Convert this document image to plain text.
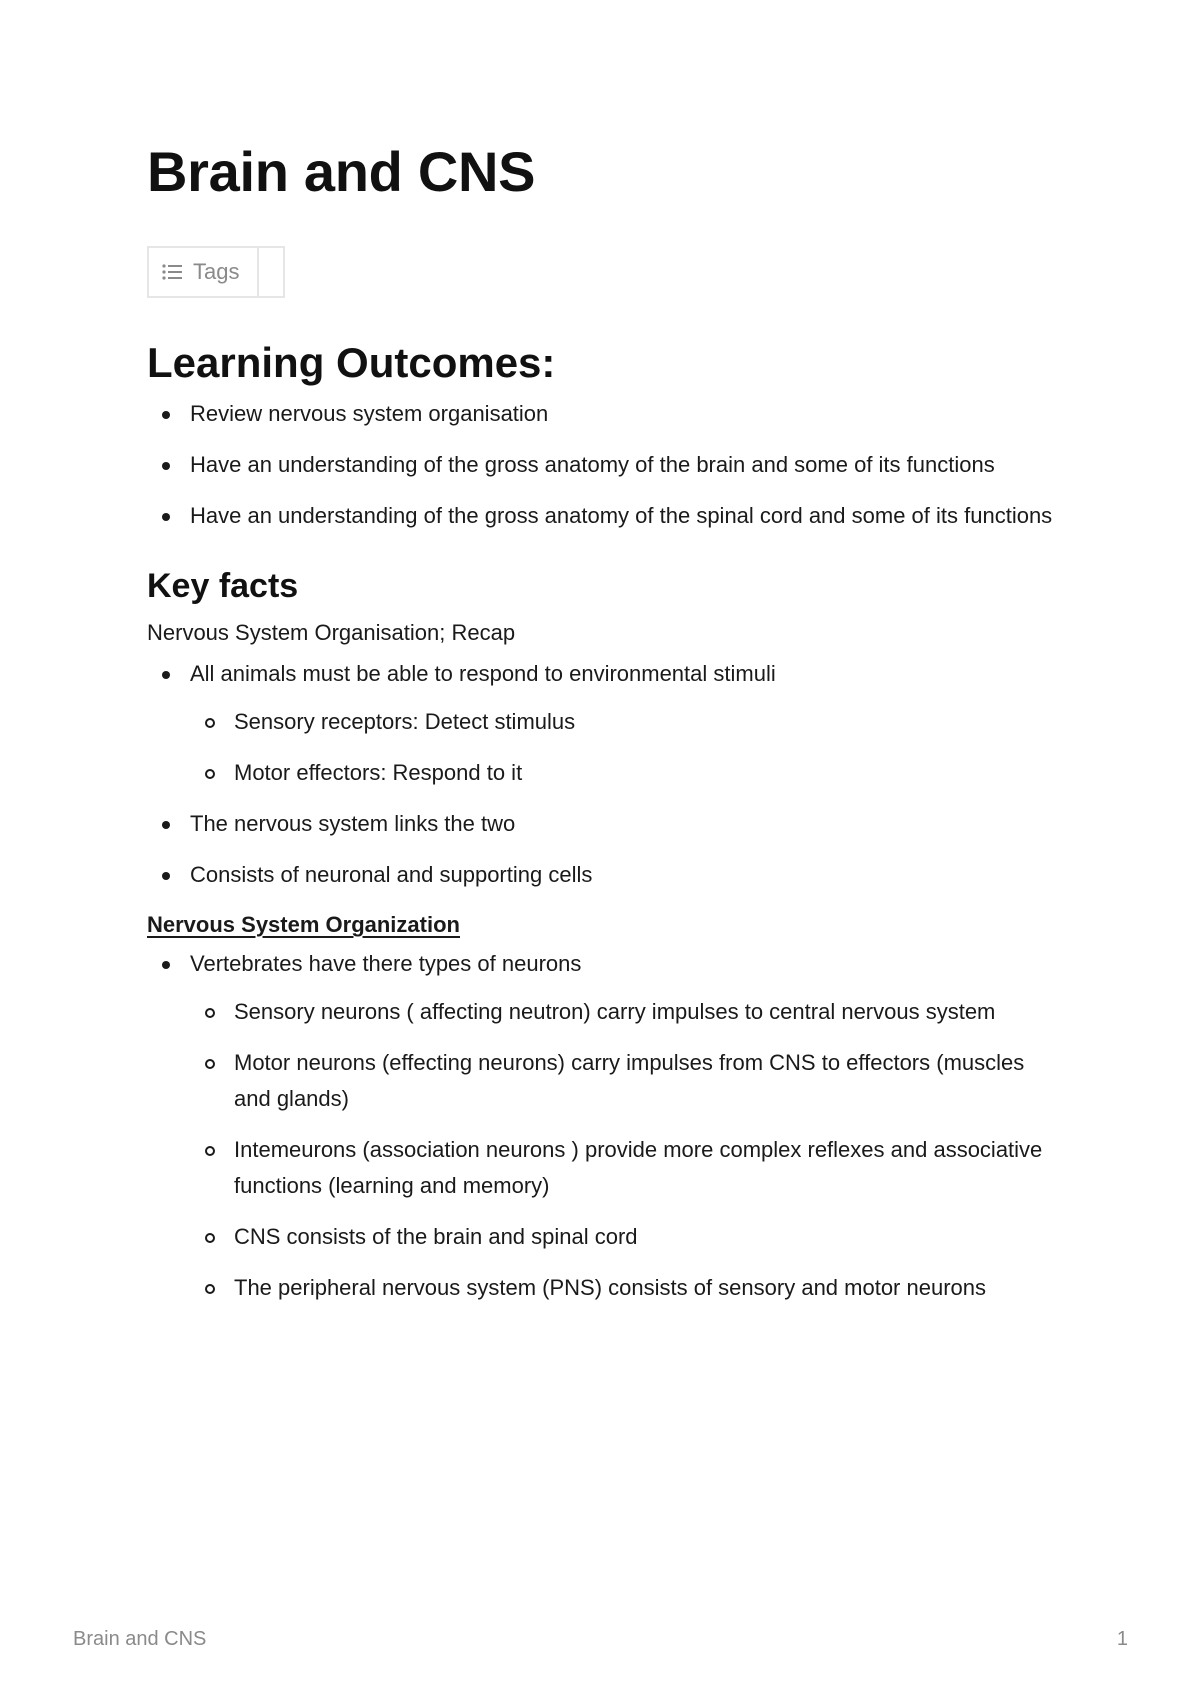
Brain and CNS
Tags
Learning Outcomes:
Review nervous system organisation
Have an understanding of the gross anatomy of the brain and some of its functions
Have an understanding of the gross anatomy of the spinal cord and some of its functions
Key facts

Nervous System Organisation; Recap

All animals must be able to respond to environmental stimuli
Sensory receptors: Detect stimulus
Motor effectors: Respond to it
The nervous system links the two
Consists of neuronal and supporting cells

Nervous System Organization

Vertebrates have there types of neurons
Sensory neurons ( affecting neutron) carry impulses to central nervous system
Motor neurons (effecting neurons) carry impulses from CNS to effectors (muscles and glands)
Intemeurons (association neurons ) provide more complex reflexes and associative functions (learning and memory)
CNS consists of the brain and spinal cord
The peripheral nervous system (PNS) consists of sensory and motor neurons
Brain and CNS	1
